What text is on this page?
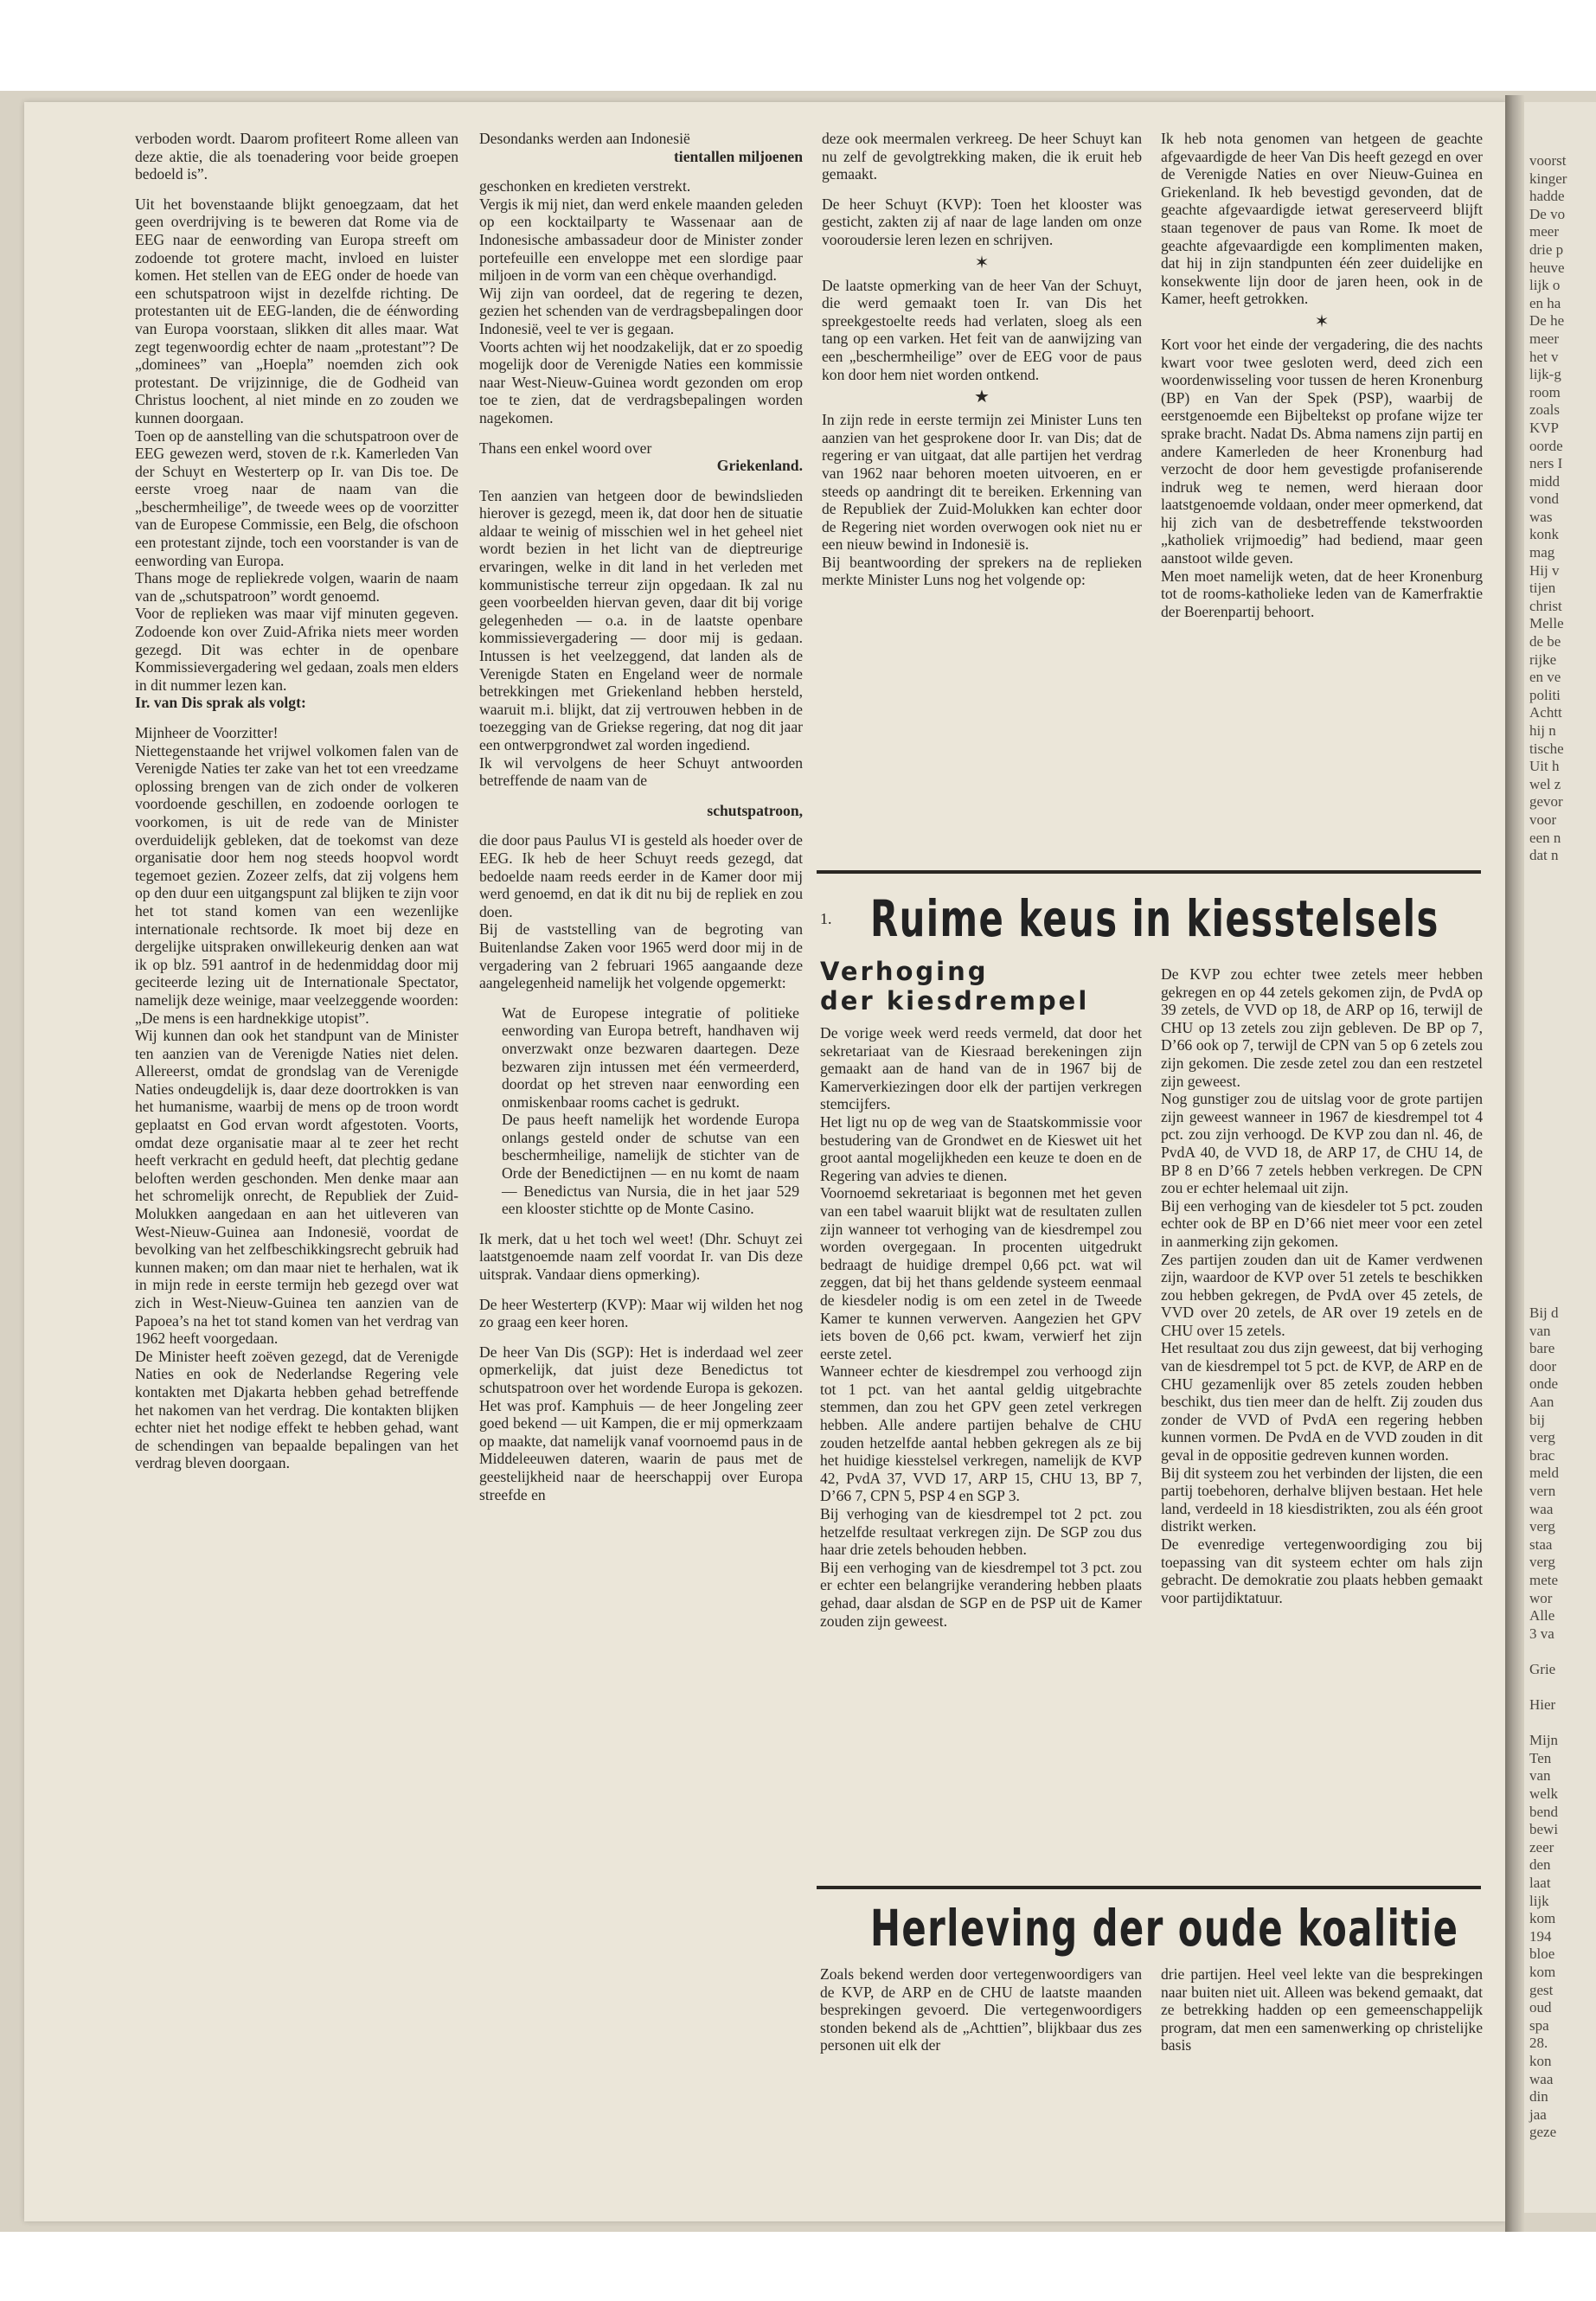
voorst
kinger
hadde
De vo
meer
drie p
heuve
lijk o
en ha
De he
meer
het v
lijk-g
room
zoals
KVP
oorde
ners I
midd
vond
was
konk
mag
Hij v
tijen
christ
Melle
de be
rijke
en ve
politi
Achtt
hij n
tische
Uit h
wel z
gevor
voor
een n
dat n
Bij d
van
bare
door
onde
Aan
bij
verg
brac
meld
vern
waa
verg
staa
verg
mete
wor
Alle
3 va

Grie

Hier

Mijn
Ten
van
welk
bend
bewi
zeer
den
laat
lijk
kom
194
bloe
kom
gest
oud
spa
28.
kon
waa
din
jaa
geze

verboden wordt. Daarom profiteert Rome alleen van deze aktie, die als toenadering voor beide groepen bedoeld is”.

Uit het bovenstaande blijkt genoegzaam, dat het geen overdrijving is te beweren dat Rome via de EEG naar de eenwording van Europa streeft om zodoende tot grotere macht, invloed en luister komen. Het stellen van de EEG onder de hoede van een schutspatroon wijst in dezelfde richting. De protestanten uit de EEG-landen, die de éénwording van Europa voorstaan, slikken dit alles maar. Wat zegt tegenwoordig echter de naam „protestant”? De „dominees” van „Hoepla” noemden zich ook protestant. De vrijzinnige, die de Godheid van Christus loochent, al niet minde en zo zouden we kunnen doorgaan.

Toen op de aanstelling van die schutspatroon over de EEG gewezen werd, stoven de r.k. Kamerleden Van der Schuyt en Westerterp op Ir. van Dis toe. De eerste vroeg naar de naam van die „beschermheilige”, de tweede wees op de voorzitter van de Europese Commissie, een Belg, die ofschoon een protestant zijnde, toch een voorstander is van de eenwording van Europa.

Thans moge de repliekrede volgen, waarin de naam van de „schutspatroon” wordt genoemd.

Voor de replieken was maar vijf minuten gegeven. Zodoende kon over Zuid-Afrika niets meer worden gezegd. Dit was echter in de openbare Kommissievergadering wel gedaan, zoals men elders in dit nummer lezen kan.

Ir. van Dis sprak als volgt:

Mijnheer de Voorzitter!

Niettegenstaande het vrijwel volkomen falen van de Verenigde Naties ter zake van het tot een vreedzame oplossing brengen van de zich onder de volkeren voordoende geschillen, en zodoende oorlogen te voorkomen, is uit de rede van de Minister overduidelijk gebleken, dat de toekomst van deze organisatie door hem nog steeds hoopvol wordt tegemoet gezien. Zozeer zelfs, dat zij volgens hem op den duur een uitgangspunt zal blijken te zijn voor het tot stand komen van een wezenlijke internationale rechtsorde. Ik moet bij deze en dergelijke uitspraken onwillekeurig denken aan wat ik op blz. 591 aantrof in de hedenmiddag door mij geciteerde lezing uit de Internationale Spectator, namelijk deze weinige, maar veelzeggende woorden: „De mens is een hardnekkige utopist”.

Wij kunnen dan ook het standpunt van de Minister ten aanzien van de Verenigde Naties niet delen. Allereerst, omdat de grondslag van de Verenigde Naties ondeugdelijk is, daar deze doortrokken is van het humanisme, waarbij de mens op de troon wordt geplaatst en God ervan wordt afgestoten. Voorts, omdat deze organisatie maar al te zeer het recht heeft verkracht en geduld heeft, dat plechtig gedane beloften werden geschonden. Men denke maar aan het schromelijk onrecht, de Republiek der Zuid-Molukken aangedaan en aan het uitleveren van West-Nieuw-Guinea aan Indonesië, voordat de bevolking van het zelfbeschikkingsrecht gebruik had kunnen maken; om dan maar niet te herhalen, wat ik in mijn rede in eerste termijn heb gezegd over wat zich in West-Nieuw-Guinea ten aanzien van de Papoea’s na het tot stand komen van het verdrag van 1962 heeft voorgedaan.

De Minister heeft zoëven gezegd, dat de Verenigde Naties en ook de Nederlandse Regering vele kontakten met Djakarta hebben gehad betreffende het nakomen van het verdrag. Die kontakten blijken echter niet het nodige effekt te hebben gehad, want de schendingen van bepaalde bepalingen van het verdrag bleven doorgaan.

Desondanks werden aan Indonesië

tientallen miljoenen

geschonken en kredieten verstrekt.

Vergis ik mij niet, dan werd enkele maanden geleden op een kocktailparty te Wassenaar aan de Indonesische ambassadeur door de Minister zonder portefeuille een enveloppe met een slordige paar miljoen in de vorm van een chèque overhandigd.

Wij zijn van oordeel, dat de regering te dezen, gezien het schenden van de verdragsbepalingen door Indonesië, veel te ver is gegaan.

Voorts achten wij het noodzakelijk, dat er zo spoedig mogelijk door de Verenigde Naties een kommissie naar West-Nieuw-Guinea wordt gezonden om erop toe te zien, dat de verdragsbepalingen worden nagekomen.

Thans een enkel woord over

Griekenland.

Ten aanzien van hetgeen door de bewindslieden hierover is gezegd, meen ik, dat door hen de situatie aldaar te weinig of misschien wel in het geheel niet wordt bezien in het licht van de dieptreurige ervaringen, welke in dit land in het verleden met kommunistische terreur zijn opgedaan. Ik zal nu geen voorbeelden hiervan geven, daar dit bij vorige gelegenheden — o.a. in de laatste openbare kommissievergadering — door mij is gedaan. Intussen is het veelzeggend, dat landen als de Verenigde Staten en Engeland weer de normale betrekkingen met Griekenland hebben hersteld, waaruit m.i. blijkt, dat zij vertrouwen hebben in de toezegging van de Griekse regering, dat nog dit jaar een ontwerpgrondwet zal worden ingediend.

Ik wil vervolgens de heer Schuyt antwoorden betreffende de naam van de

schutspatroon,

die door paus Paulus VI is gesteld als hoeder over de EEG. Ik heb de heer Schuyt reeds gezegd, dat bedoelde naam reeds eerder in de Kamer door mij werd genoemd, en dat ik dit nu bij de repliek en zou doen.

Bij de vaststelling van de begroting van Buitenlandse Zaken voor 1965 werd door mij in de vergadering van 2 februari 1965 aangaande deze aangelegenheid namelijk het volgende opgemerkt:

Wat de Europese integratie of politieke eenwording van Europa betreft, handhaven wij onverzwakt onze bezwaren daartegen. Deze bezwaren zijn intussen met één vermeerderd, doordat op het streven naar eenwording een onmiskenbaar rooms cachet is gedrukt.

De paus heeft namelijk het wordende Europa onlangs gesteld onder de schutse van een beschermheilige, namelijk de stichter van de Orde der Benedictijnen — en nu komt de naam — Benedictus van Nursia, die in het jaar 529 een klooster stichtte op de Monte Casino.

Ik merk, dat u het toch wel weet! (Dhr. Schuyt zei laatstgenoemde naam zelf voordat Ir. van Dis deze uitsprak. Vandaar diens opmerking).

De heer Westerterp (KVP): Maar wij wilden het nog zo graag een keer horen.

De heer Van Dis (SGP): Het is inderdaad wel zeer opmerkelijk, dat juist deze Benedictus tot schutspatroon over het wordende Europa is gekozen. Het was prof. Kamphuis — de heer Jongeling zeer goed bekend — uit Kampen, die er mij opmerkzaam op maakte, dat namelijk vanaf voornoemd paus in de Middeleeuwen dateren, waarin de paus met de geestelijkheid naar de heerschappij over Europa streefde en

deze ook meermalen verkreeg. De heer Schuyt kan nu zelf de gevolgtrekking maken, die ik eruit heb gemaakt.

De heer Schuyt (KVP): Toen het klooster was gesticht, zakten zij af naar de lage landen om onze vooroudersie leren lezen en schrijven.

✶

De laatste opmerking van de heer Van der Schuyt, die werd gemaakt toen Ir. van Dis het spreekgestoelte reeds had verlaten, sloeg als een tang op een varken. Het feit van de aanwijzing van een „beschermheilige” over de EEG voor de paus kon door hem niet worden ontkend.

★

In zijn rede in eerste termijn zei Minister Luns ten aanzien van het gesprokene door Ir. van Dis; dat de regering er van uitgaat, dat alle partijen het verdrag van 1962 naar behoren moeten uitvoeren, en er steeds op aandringt dit te bereiken. Erkenning van de Republiek der Zuid-Molukken kan echter door de Regering niet worden overwogen ook niet nu er een nieuw bewind in Indonesië is.

Bij beantwoording der sprekers na de replieken merkte Minister Luns nog het volgende op:

Ik heb nota genomen van hetgeen de geachte afgevaardigde de heer Van Dis heeft gezegd en over de Verenigde Naties en over Nieuw-Guinea en Griekenland. Ik heb bevestigd gevonden, dat de geachte afgevaardigde ietwat gereserveerd blijft staan tegenover de paus van Rome. Ik moet de geachte afgevaardigde een komplimenten maken, dat hij in zijn standpunten één zeer duidelijke en konsekwente lijn door de jaren heen, ook in de Kamer, heeft getrokken.

✶

Kort voor het einde der vergadering, die des nachts kwart voor twee gesloten werd, deed zich een woordenwisseling voor tussen de heren Kronenburg (BP) en Van der Spek (PSP), waarbij de eerstgenoemde een Bijbeltekst op profane wijze ter sprake bracht. Nadat Ds. Abma namens zijn partij en andere Kamerleden de heer Kronenburg had verzocht de door hem gevestigde profaniserende indruk weg te nemen, werd hieraan door laatstgenoemde voldaan, onder meer opmerkend, dat hij zich van de desbetreffende tekstwoorden „katholiek vrijmoedig” had bediend, maar geen aanstoot wilde geven.

Men moet namelijk weten, dat de heer Kronenburg tot de rooms-katholieke leden van de Kamerfraktie der Boerenpartij behoort.

1. Ruime keus in kiesstelsels
Verhoging
der kiesdrempel

De vorige week werd reeds vermeld, dat door het sekretariaat van de Kiesraad berekeningen zijn gemaakt aan de hand van de in 1967 bij de Kamerverkiezingen door elk der partijen verkregen stemcijfers.

Het ligt nu op de weg van de Staatskommissie voor bestudering van de Grondwet en de Kieswet uit het groot aantal mogelijkheden een keuze te doen en de Regering van advies te dienen.

Voornoemd sekretariaat is begonnen met het geven van een tabel waaruit blijkt wat de resultaten zullen zijn wanneer tot verhoging van de kiesdrempel zou worden overgegaan. In procenten uitgedrukt bedraagt de huidige drempel 0,66 pct. wat wil zeggen, dat bij het thans geldende systeem eenmaal de kiesdeler nodig is om een zetel in de Tweede Kamer te kunnen verwerven. Aangezien het GPV iets boven de 0,66 pct. kwam, verwierf het zijn eerste zetel.

Wanneer echter de kiesdrempel zou verhoogd zijn tot 1 pct. van het aantal geldig uitgebrachte stemmen, dan zou het GPV geen zetel verkregen hebben. Alle andere partijen behalve de CHU zouden hetzelfde aantal hebben gekregen als ze bij het huidige kiesstelsel verkregen, namelijk de KVP 42, PvdA 37, VVD 17, ARP 15, CHU 13, BP 7, D’66 7, CPN 5, PSP 4 en SGP 3.

Bij verhoging van de kiesdrempel tot 2 pct. zou hetzelfde resultaat verkregen zijn. De SGP zou dus haar drie zetels behouden hebben.

Bij een verhoging van de kiesdrempel tot 3 pct. zou er echter een belangrijke verandering hebben plaats gehad, daar alsdan de SGP en de PSP uit de Kamer zouden zijn geweest.

De KVP zou echter twee zetels meer hebben gekregen en op 44 zetels gekomen zijn, de PvdA op 39 zetels, de VVD op 18, de ARP op 16, terwijl de CHU op 13 zetels zou zijn gebleven. De BP op 7, D’66 ook op 7, terwijl de CPN van 5 op 6 zetels zou zijn gekomen. Die zesde zetel zou dan een restzetel zijn geweest.

Nog gunstiger zou de uitslag voor de grote partijen zijn geweest wanneer in 1967 de kiesdrempel tot 4 pct. zou zijn verhoogd. De KVP zou dan nl. 46, de PvdA 40, de VVD 18, de ARP 17, de CHU 14, de BP 8 en D’66 7 zetels hebben verkregen. De CPN zou er echter helemaal uit zijn.

Bij een verhoging van de kiesdeler tot 5 pct. zouden echter ook de BP en D’66 niet meer voor een zetel in aanmerking zijn gekomen.

Zes partijen zouden dan uit de Kamer verdwenen zijn, waardoor de KVP over 51 zetels te beschikken zou hebben gekregen, de PvdA over 45 zetels, de VVD over 20 zetels, de AR over 19 zetels en de CHU over 15 zetels.

Het resultaat zou dus zijn geweest, dat bij verhoging van de kiesdrempel tot 5 pct. de KVP, de ARP en de CHU gezamenlijk over 85 zetels zouden hebben beschikt, dus tien meer dan de helft. Zij zouden dus zonder de VVD of PvdA een regering hebben kunnen vormen. De PvdA en de VVD zouden in dit geval in de oppositie gedreven kunnen worden.

Bij dit systeem zou het verbinden der lijsten, die een partij toebehoren, derhalve blijven bestaan. Het hele land, verdeeld in 18 kiesdistrikten, zou als één groot distrikt werken.

De evenredige vertegenwoordiging zou bij toepassing van dit systeem echter om hals zijn gebracht. De demokratie zou plaats hebben gemaakt voor partijdiktatuur.

Herleving der oude koalitie

Zoals bekend werden door vertegenwoordigers van de KVP, de ARP en de CHU de laatste maanden besprekingen gevoerd. Die vertegenwoordigers stonden bekend als de „Achttien”, blijkbaar dus zes personen uit elk der

drie partijen. Heel veel lekte van die besprekingen naar buiten niet uit. Alleen was bekend gemaakt, dat ze betrekking hadden op een gemeenschappelijk program, dat men een samenwerking op christelijke basis
